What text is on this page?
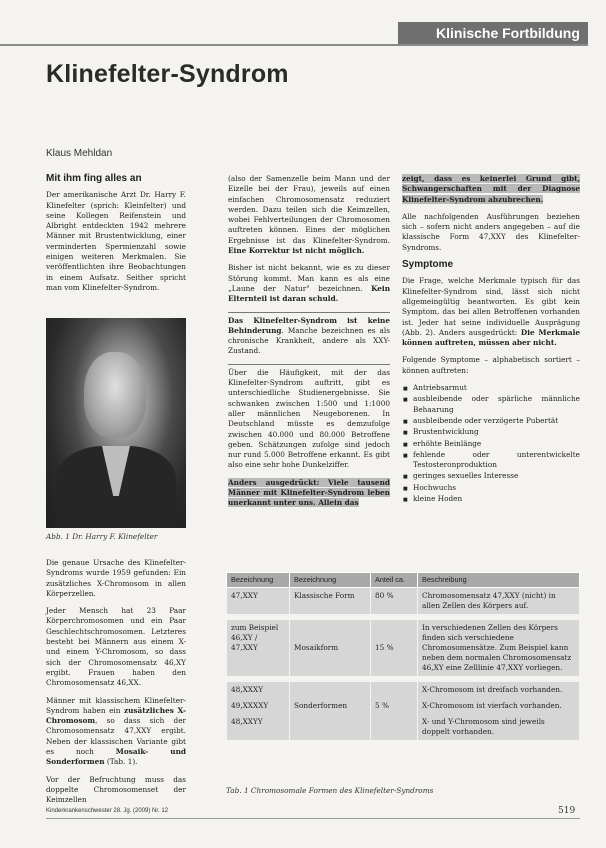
Klinische Fortbildung
Klinefelter-Syndrom
Klaus Mehldan
Mit ihm fing alles an

Der amerikanische Arzt Dr. Harry F. Klinefelter (sprich: Kleinfelter) und seine Kollegen Reifenstein und Albright entdeckten 1942 mehrere Männer mit Brustentwicklung, einer verminderten Spermienzahl sowie einigen weiteren Merkmalen. Sie veröffentlichten ihre Beobachtungen in einem Aufsatz. Seither spricht man vom Klinefelter-Syndrom.

Abb. 1 Dr. Harry F. Klinefelter

Die genaue Ursache des Klinefelter-Syndroms wurde 1959 gefunden: Ein zusätzliches X-Chromosom in allen Körperzellen.

Jeder Mensch hat 23 Paar Körperchromosomen und ein Paar Geschlechtschromosomen. Letzteres besteht bei Männern aus einem X- und einem Y-Chromosom, so dass sich der Chromosomensatz 46,XY ergibt. Frauen haben den Chromosomensatz 46,XX.

Männer mit klassischem Klinefelter-Syndrom haben ein zusätzliches X-Chromosom, so dass sich der Chromosomensatz 47,XXY ergibt. Neben der klassischen Variante gibt es noch Mosaik- und Sonderformen (Tab. 1).

Vor der Befruchtung muss das doppelte Chromosomenset der Keimzellen

(also der Samenzelle beim Mann und der Eizelle bei der Frau), jeweils auf einen einfachen Chromosomensatz reduziert werden. Dazu teilen sich die Keimzellen, wobei Fehlverteilungen der Chromosomen auftreten können. Eines der möglichen Ergebnisse ist das Klinefelter-Syndrom. Eine Korrektur ist nicht möglich.

Bisher ist nicht bekannt, wie es zu dieser Störung kommt. Man kann es als eine „Laune der Natur" bezeichnen. Kein Elternteil ist daran schuld.

Das Klinefelter-Syndrom ist keine Behinderung. Manche bezeichnen es als chronische Krankheit, andere als XXY-Zustand.

Über die Häufigkeit, mit der das Klinefelter-Syndrom auftritt, gibt es unterschiedliche Studienergebnisse. Sie schwanken zwischen 1:500 und 1:1000 aller männlichen Neugeborenen. In Deutschland müsste es demzufolge zwischen 40.000 und 80.000 Betroffene geben. Schätzungen zufolge sind jedoch nur rund 5.000 Betroffene erkannt. Es gibt also eine sehr hohe Dunkelziffer.

Anders ausgedrückt: Viele tausend Männer mit Klinefelter-Syndrom leben unerkannt unter uns. Allein das

zeigt, dass es keinerlei Grund gibt, Schwangerschaften mit der Diagnose Klinefelter-Syndrom abzubrechen.

Alle nachfolgenden Ausführungen beziehen sich – sofern nicht anders angegeben – auf die klassische Form 47,XXY des Klinefelter-Syndroms.

Symptome

Die Frage, welche Merkmale typisch für das Klinefelter-Syndrom sind, lässt sich nicht allgemeingültig beantworten. Es gibt kein Symptom, das bei allen Betroffenen vorhanden ist. Jeder hat seine individuelle Ausprägung (Abb. 2). Anders ausgedrückt: Die Merkmale können auftreten, müssen aber nicht.

Folgende Symptome – alphabetisch sortiert – können auftreten:

■ Antriebsarmut
■ ausbleibende oder spärliche männliche Behaarung
■ ausbleibende oder verzögerte Pubertät
■ Brustentwicklung
■ erhöhte Beinlänge
■ fehlende oder unterentwickelte Testosteronproduktion
■ geringes sexuelles Interesse
■ Hochwuchs
■ kleine Hoden
Bezeichnung	Bezeichnung	Anteil ca.	Beschreibung
47,XXY	Klassische Form	80 %	Chromosomensatz 47,XXY (nicht) in allen Zellen des Körpers auf.
zum Beispiel 46,XY / 47,XXY	Mosaikform	15 %	In verschiedenen Zellen des Körpers finden sich verschiedene Chromosomensätze. Zum Beispiel kann neben dem normalen Chromosomensatz 46,XY eine Zelllinie 47,XXY vorliegen.
48,XXXY			X-Chromosom ist dreifach vorhanden.
49,XXXXY	Sonderformen	5 %	X-Chromosom ist vierfach vorhanden.
48,XXYY			X- und Y-Chromosom sind jeweils doppelt vorhanden.
Tab. 1 Chromosomale Formen des Klinefelter-Syndroms
Kinderkrankenschwester 28. Jg. (2009) Nr. 12	519
